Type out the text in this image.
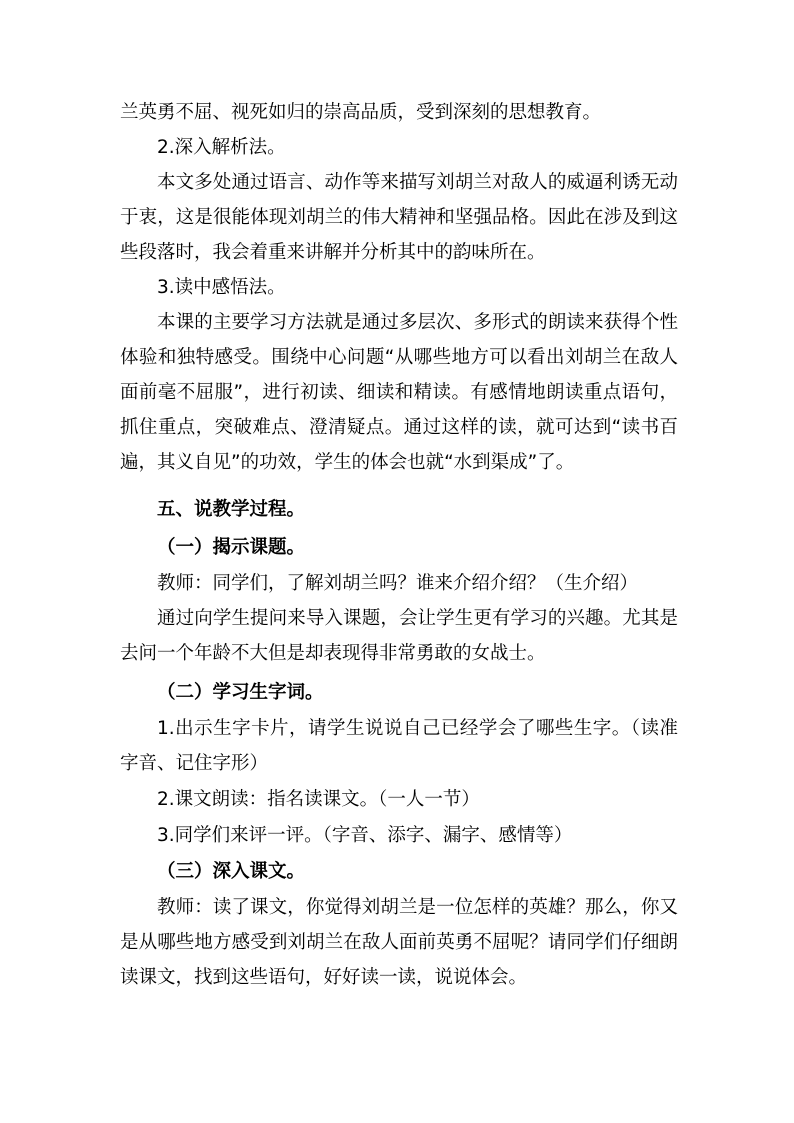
兰英勇不屈、视死如归的崇高品质，受到深刻的思想教育。

2.深入解析法。

本文多处通过语言、动作等来描写刘胡兰对敌人的威逼利诱无动于衷，这是很能体现刘胡兰的伟大精神和坚强品格。因此在涉及到这些段落时，我会着重来讲解并分析其中的韵味所在。

3.读中感悟法。

本课的主要学习方法就是通过多层次、多形式的朗读来获得个性体验和独特感受。围绕中心问题“从哪些地方可以看出刘胡兰在敌人面前毫不屈服”，进行初读、细读和精读。有感情地朗读重点语句，抓住重点，突破难点、澄清疑点。通过这样的读，就可达到“读书百遍，其义自见”的功效，学生的体会也就“水到渠成”了。

五、说教学过程。

（一）揭示课题。

教师：同学们，了解刘胡兰吗？谁来介绍介绍？（生介绍）

通过向学生提问来导入课题，会让学生更有学习的兴趣。尤其是去问一个年龄不大但是却表现得非常勇敢的女战士。

（二）学习生字词。

1.出示生字卡片，请学生说说自己已经学会了哪些生字。（读准字音、记住字形）

2.课文朗读：指名读课文。（一人一节）

3.同学们来评一评。（字音、添字、漏字、感情等）

（三）深入课文。

教师：读了课文，你觉得刘胡兰是一位怎样的英雄？那么，你又是从哪些地方感受到刘胡兰在敌人面前英勇不屈呢？请同学们仔细朗读课文，找到这些语句，好好读一读，说说体会。
